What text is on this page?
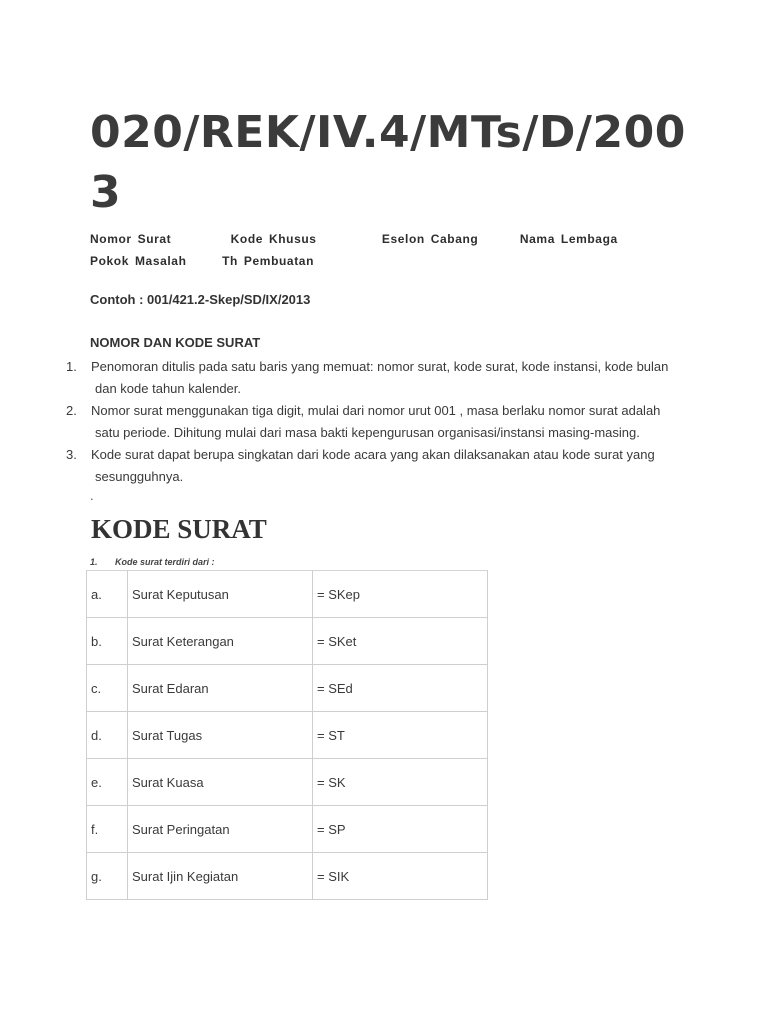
020/REK/IV.4/MTs/D/2003
Nomor Surat	Kode Khusus	Eselon Cabang	Nama Lembaga    Pokok Masalah	Th Pembuatan
Contoh : 001/421.2-Skep/SD/IX/2013
NOMOR DAN KODE SURAT
1. Penomoran ditulis pada satu baris yang memuat: nomor surat, kode surat, kode instansi, kode bulan dan kode tahun kalender.
2. Nomor surat menggunakan tiga digit, mulai dari nomor urut 001 , masa berlaku nomor surat adalah satu periode. Dihitung mulai dari masa bakti kepengurusan organisasi/instansi masing-masing.
3. Kode surat dapat berupa singkatan dari kode acara yang akan dilaksanakan atau kode surat yang sesungguhnya.
.
KODE SURAT
1. Kode surat terdiri dari :
a.	Surat Keputusan	= SKep
b.	Surat Keterangan	= SKet
c.	Surat Edaran	= SEd
d.	Surat Tugas	= ST
e.	Surat Kuasa	= SK
f.	Surat Peringatan	= SP
g.	Surat Ijin Kegiatan	= SIK
